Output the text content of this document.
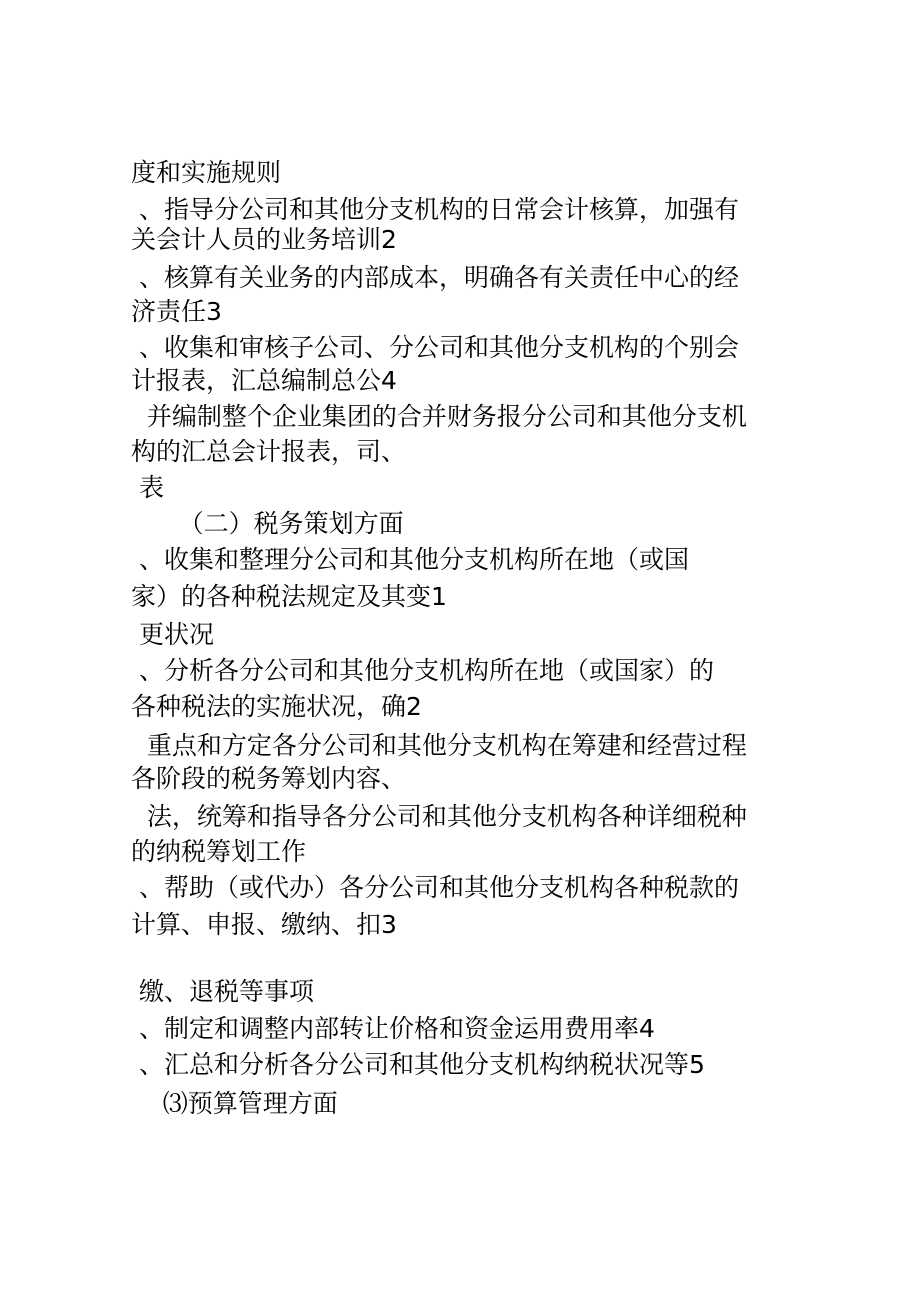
度和实施规则
、指导分公司和其他分支机构的日常会计核算，加强有
关会计人员的业务培训2
、核算有关业务的内部成本，明确各有关责任中心的经
济责任3
、收集和审核子公司、分公司和其他分支机构的个别会
计报表，汇总编制总公4
并编制整个企业集团的合并财务报分公司和其他分支机
构的汇总会计报表，司、
表
（二）税务策划方面
、收集和整理分公司和其他分支机构所在地（或国
家）的各种税法规定及其变1
更状况
、分析各分公司和其他分支机构所在地（或国家）的
各种税法的实施状况，确2
重点和方定各分公司和其他分支机构在筹建和经营过程
各阶段的税务筹划内容、
法，统筹和指导各分公司和其他分支机构各种详细税种
的纳税筹划工作
、帮助（或代办）各分公司和其他分支机构各种税款的
计算、申报、缴纳、扣3
缴、退税等事项
、制定和调整内部转让价格和资金运用费用率4
、汇总和分析各分公司和其他分支机构纳税状况等5
⑶预算管理方面
